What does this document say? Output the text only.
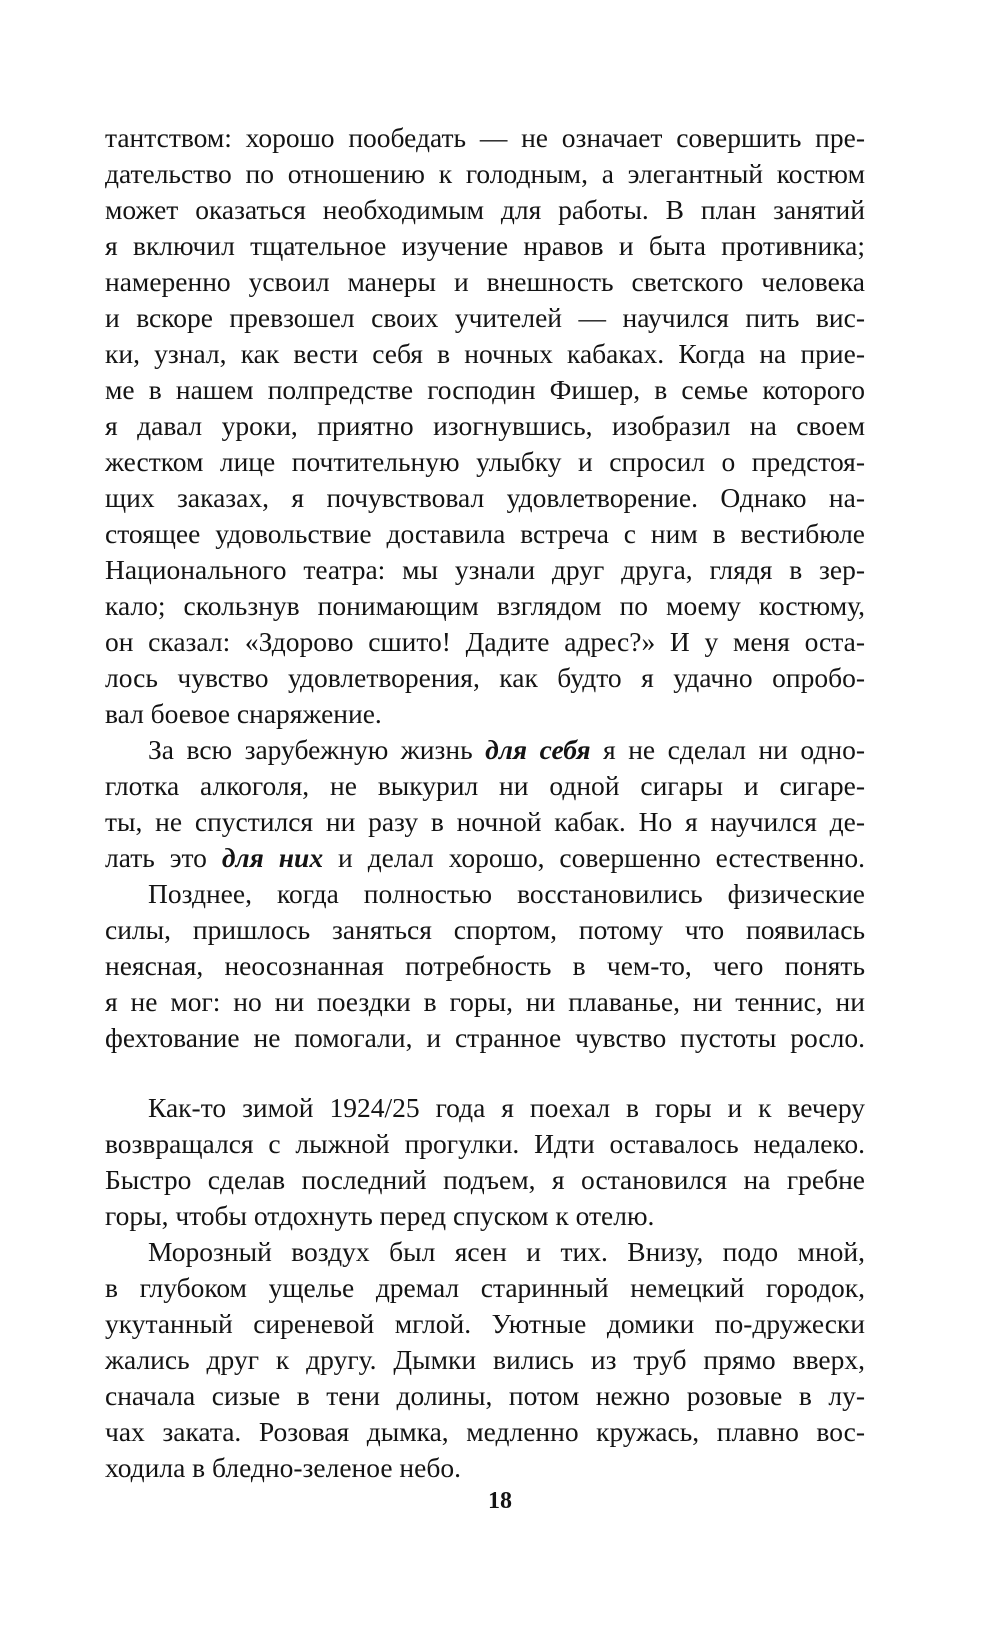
тантством: хорошо пообедать — не означает совершить пре-
дательство по отношению к голодным, а элегантный костюм
может оказаться необходимым для работы. В план занятий
я включил тщательное изучение нравов и быта противника;
намеренно усвоил манеры и внешность светского человека
и вскоре превзошел своих учителей — научился пить вис-
ки, узнал, как вести себя в ночных кабаках. Когда на прие-
ме в нашем полпредстве господин Фишер, в семье которого
я давал уроки, приятно изогнувшись, изобразил на своем
жестком лице почтительную улыбку и спросил о предстоя-
щих заказах, я почувствовал удовлетворение. Однако на-
стоящее удовольствие доставила встреча с ним в вестибюле
Национального театра: мы узнали друг друга, глядя в зер-
кало; скользнув понимающим взглядом по моему костюму,
он сказал: «Здорово сшито! Дадите адрес?» И у меня оста-
лось чувство удовлетворения, как будто я удачно опробо-
вал боевое снаряжение.
За всю зарубежную жизнь для себя я не сделал ни одно-
глотка алкоголя, не выкурил ни одной сигары и сигаре-
ты, не спустился ни разу в ночной кабак. Но я научился де-
лать это для них и делал хорошо, совершенно естественно.
Позднее, когда полностью восстановились физические
силы, пришлось заняться спортом, потому что появилась
неясная, неосознанная потребность в чем-то, чего понять
я не мог: но ни поездки в горы, ни плаванье, ни теннис, ни
фехтование не помогали, и странное чувство пустоты росло.
Как-то зимой 1924/25 года я поехал в горы и к вечеру
возвращался с лыжной прогулки. Идти оставалось недалеко.
Быстро сделав последний подъем, я остановился на гребне
горы, чтобы отдохнуть перед спуском к отелю.
Морозный воздух был ясен и тих. Внизу, подо мной,
в глубоком ущелье дремал старинный немецкий городок,
укутанный сиреневой мглой. Уютные домики по-дружески
жались друг к другу. Дымки вились из труб прямо вверх,
сначала сизые в тени долины, потом нежно розовые в лу-
чах заката. Розовая дымка, медленно кружась, плавно вос-
ходила в бледно-зеленое небо.
18
